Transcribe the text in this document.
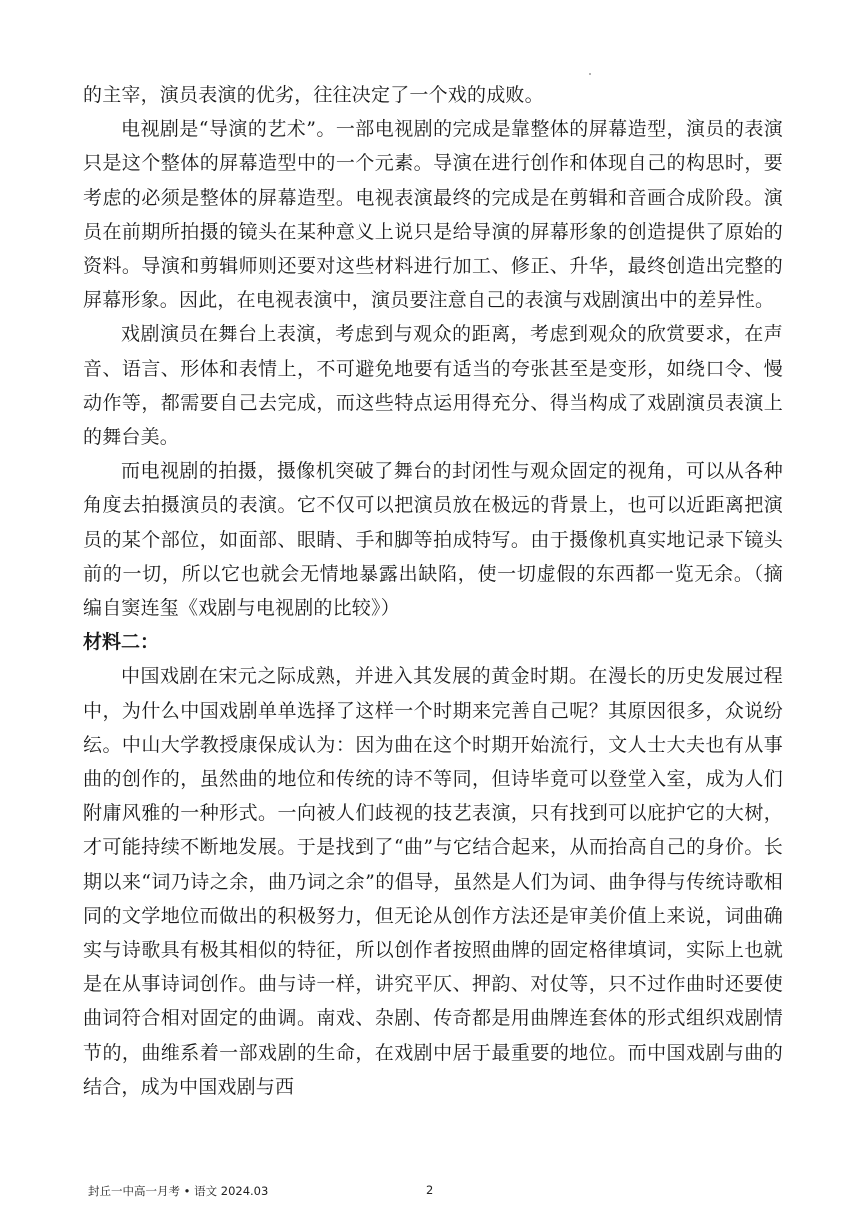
的主宰，演员表演的优劣，往往决定了一个戏的成败。

电视剧是“导演的艺术”。一部电视剧的完成是靠整体的屏幕造型，演员的表演只是这个整体的屏幕造型中的一个元素。导演在进行创作和体现自己的构思时，要考虑的必须是整体的屏幕造型。电视表演最终的完成是在剪辑和音画合成阶段。演员在前期所拍摄的镜头在某种意义上说只是给导演的屏幕形象的创造提供了原始的资料。导演和剪辑师则还要对这些材料进行加工、修正、升华，最终创造出完整的屏幕形象。因此，在电视表演中，演员要注意自己的表演与戏剧演出中的差异性。

戏剧演员在舞台上表演，考虑到与观众的距离，考虑到观众的欣赏要求，在声音、语言、形体和表情上，不可避免地要有适当的夸张甚至是变形，如绕口令、慢动作等，都需要自己去完成，而这些特点运用得充分、得当构成了戏剧演员表演上的舞台美。

而电视剧的拍摄，摄像机突破了舞台的封闭性与观众固定的视角，可以从各种角度去拍摄演员的表演。它不仅可以把演员放在极远的背景上，也可以近距离把演员的某个部位，如面部、眼睛、手和脚等拍成特写。由于摄像机真实地记录下镜头前的一切，所以它也就会无情地暴露出缺陷，使一切虚假的东西都一览无余。（摘编自窦连玺《戏剧与电视剧的比较》）

材料二：

中国戏剧在宋元之际成熟，并进入其发展的黄金时期。在漫长的历史发展过程中，为什么中国戏剧单单选择了这样一个时期来完善自己呢？其原因很多，众说纷纭。中山大学教授康保成认为：因为曲在这个时期开始流行，文人士大夫也有从事曲的创作的，虽然曲的地位和传统的诗不等同，但诗毕竟可以登堂入室，成为人们附庸风雅的一种形式。一向被人们歧视的技艺表演，只有找到可以庇护它的大树，才可能持续不断地发展。于是找到了“曲”与它结合起来，从而抬高自己的身价。长期以来“词乃诗之余，曲乃词之余”的倡导，虽然是人们为词、曲争得与传统诗歌相同的文学地位而做出的积极努力，但无论从创作方法还是审美价值上来说，词曲确实与诗歌具有极其相似的特征，所以创作者按照曲牌的固定格律填词，实际上也就是在从事诗词创作。曲与诗一样，讲究平仄、押韵、对仗等，只不过作曲时还要使曲词符合相对固定的曲调。南戏、杂剧、传奇都是用曲牌连套体的形式组织戏剧情节的，曲维系着一部戏剧的生命，在戏剧中居于最重要的地位。而中国戏剧与曲的结合，成为中国戏剧与西

封丘一中高一月考 • 语文 2024.03	2
